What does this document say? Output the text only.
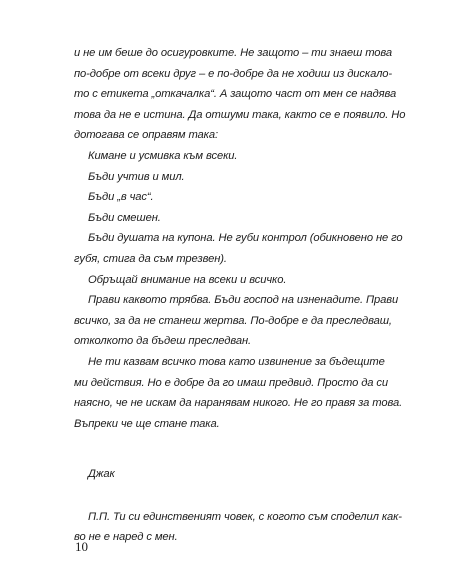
и не им беше до осигуровките. Не защото – ти знаеш това

по-добре от всеки друг – е по-добре да не ходиш из дискало-

то с етикета „откачалка“. А защото част от мен се надява

това да не е истина. Да отшуми така, както се е появило. Но

дотогава се оправям така:

Кимане и усмивка към всеки.

Бъди учтив и мил.

Бъди „в час“.

Бъди смешен.

Бъди душата на купона. Не губи контрол (обикновено не го

губя, стига да съм трезвен).

Обръщай внимание на всеки и всичко.

Прави каквото трябва. Бъди господ на изненадите. Прави

всичко, за да не станеш жертва. По-добре е да преследваш,

отколкото да бъдеш преследван.

Не ти казвам всичко това като извинение за бъдещите

ми действия. Но е добре да го имаш предвид. Просто да си

наясно, че не искам да наранявам никого. Не го правя за това.

Въпреки че ще стане така.

Джак

П.П. Ти си единственият човек, с когото съм споделил как-

во не е наред с мен.

10
